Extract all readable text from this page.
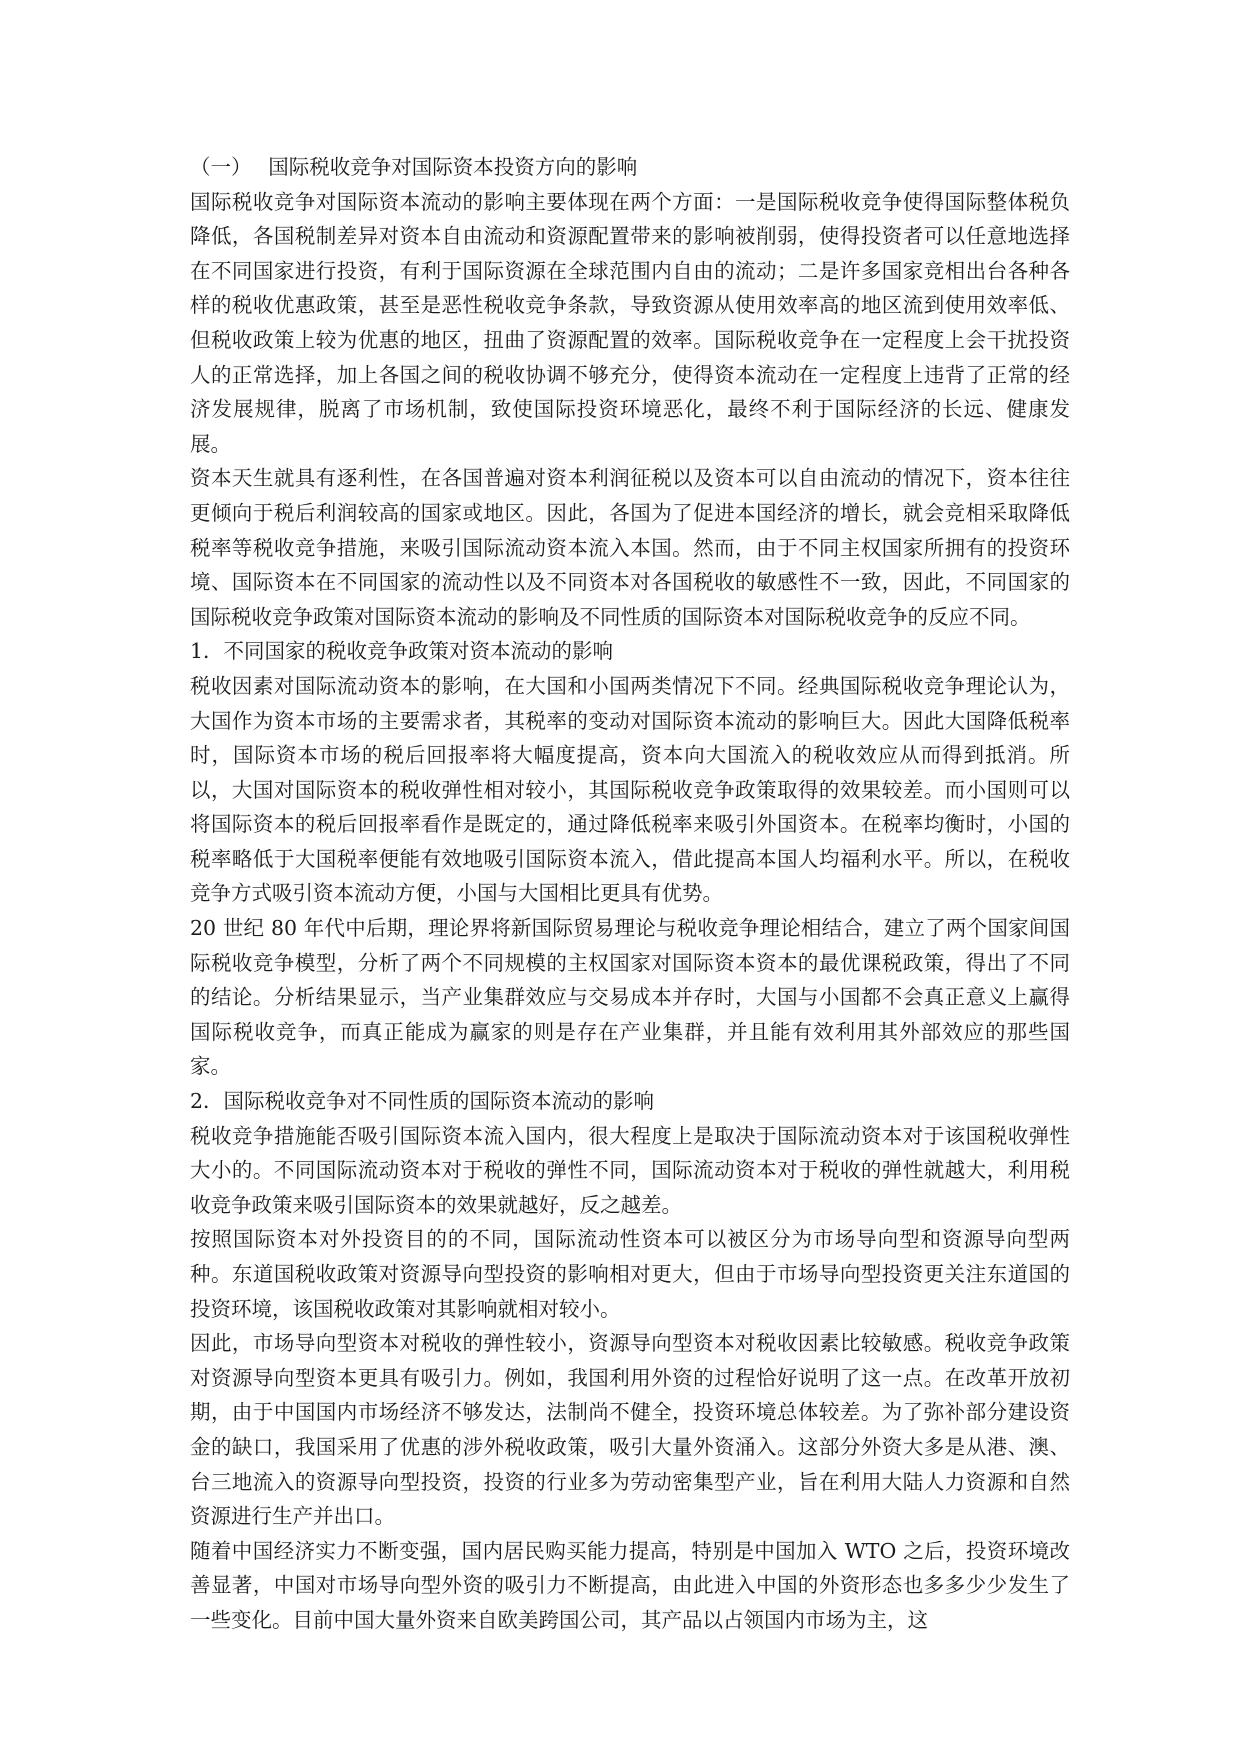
（一）　 国际税收竞争对国际资本投资方向的影响

国际税收竞争对国际资本流动的影响主要体现在两个方面：一是国际税收竞争使得国际整体税负降低，各国税制差异对资本自由流动和资源配置带来的影响被削弱，使得投资者可以任意地选择在不同国家进行投资，有利于国际资源在全球范围内自由的流动；二是许多国家竞相出台各种各样的税收优惠政策，甚至是恶性税收竞争条款，导致资源从使用效率高的地区流到使用效率低、但税收政策上较为优惠的地区，扭曲了资源配置的效率。国际税收竞争在一定程度上会干扰投资人的正常选择，加上各国之间的税收协调不够充分，使得资本流动在一定程度上违背了正常的经济发展规律，脱离了市场机制，致使国际投资环境恶化，最终不利于国际经济的长远、健康发展。

资本天生就具有逐利性，在各国普遍对资本利润征税以及资本可以自由流动的情况下，资本往往更倾向于税后利润较高的国家或地区。因此，各国为了促进本国经济的增长，就会竞相采取降低税率等税收竞争措施，来吸引国际流动资本流入本国。然而，由于不同主权国家所拥有的投资环境、国际资本在不同国家的流动性以及不同资本对各国税收的敏感性不一致，因此，不同国家的国际税收竞争政策对国际资本流动的影响及不同性质的国际资本对国际税收竞争的反应不同。

1．不同国家的税收竞争政策对资本流动的影响

税收因素对国际流动资本的影响，在大国和小国两类情况下不同。经典国际税收竞争理论认为，大国作为资本市场的主要需求者，其税率的变动对国际资本流动的影响巨大。因此大国降低税率时，国际资本市场的税后回报率将大幅度提高，资本向大国流入的税收效应从而得到抵消。所以，大国对国际资本的税收弹性相对较小，其国际税收竞争政策取得的效果较差。而小国则可以将国际资本的税后回报率看作是既定的，通过降低税率来吸引外国资本。在税率均衡时，小国的税率略低于大国税率便能有效地吸引国际资本流入，借此提高本国人均福利水平。所以，在税收竞争方式吸引资本流动方便，小国与大国相比更具有优势。

20 世纪 80 年代中后期，理论界将新国际贸易理论与税收竞争理论相结合，建立了两个国家间国际税收竞争模型，分析了两个不同规模的主权国家对国际资本资本的最优课税政策，得出了不同的结论。分析结果显示，当产业集群效应与交易成本并存时，大国与小国都不会真正意义上赢得国际税收竞争，而真正能成为赢家的则是存在产业集群，并且能有效利用其外部效应的那些国家。

2．国际税收竞争对不同性质的国际资本流动的影响

税收竞争措施能否吸引国际资本流入国内，很大程度上是取决于国际流动资本对于该国税收弹性大小的。不同国际流动资本对于税收的弹性不同，国际流动资本对于税收的弹性就越大，利用税收竞争政策来吸引国际资本的效果就越好，反之越差。

按照国际资本对外投资目的的不同，国际流动性资本可以被区分为市场导向型和资源导向型两种。东道国税收政策对资源导向型投资的影响相对更大，但由于市场导向型投资更关注东道国的投资环境，该国税收政策对其影响就相对较小。

因此，市场导向型资本对税收的弹性较小，资源导向型资本对税收因素比较敏感。税收竞争政策对资源导向型资本更具有吸引力。例如，我国利用外资的过程恰好说明了这一点。在改革开放初期，由于中国国内市场经济不够发达，法制尚不健全，投资环境总体较差。为了弥补部分建设资金的缺口，我国采用了优惠的涉外税收政策，吸引大量外资涌入。这部分外资大多是从港、澳、台三地流入的资源导向型投资，投资的行业多为劳动密集型产业，旨在利用大陆人力资源和自然资源进行生产并出口。

随着中国经济实力不断变强，国内居民购买能力提高，特别是中国加入 WTO 之后，投资环境改善显著，中国对市场导向型外资的吸引力不断提高，由此进入中国的外资形态也多多少少发生了一些变化。目前中国大量外资来自欧美跨国公司，其产品以占领国内市场为主，这
